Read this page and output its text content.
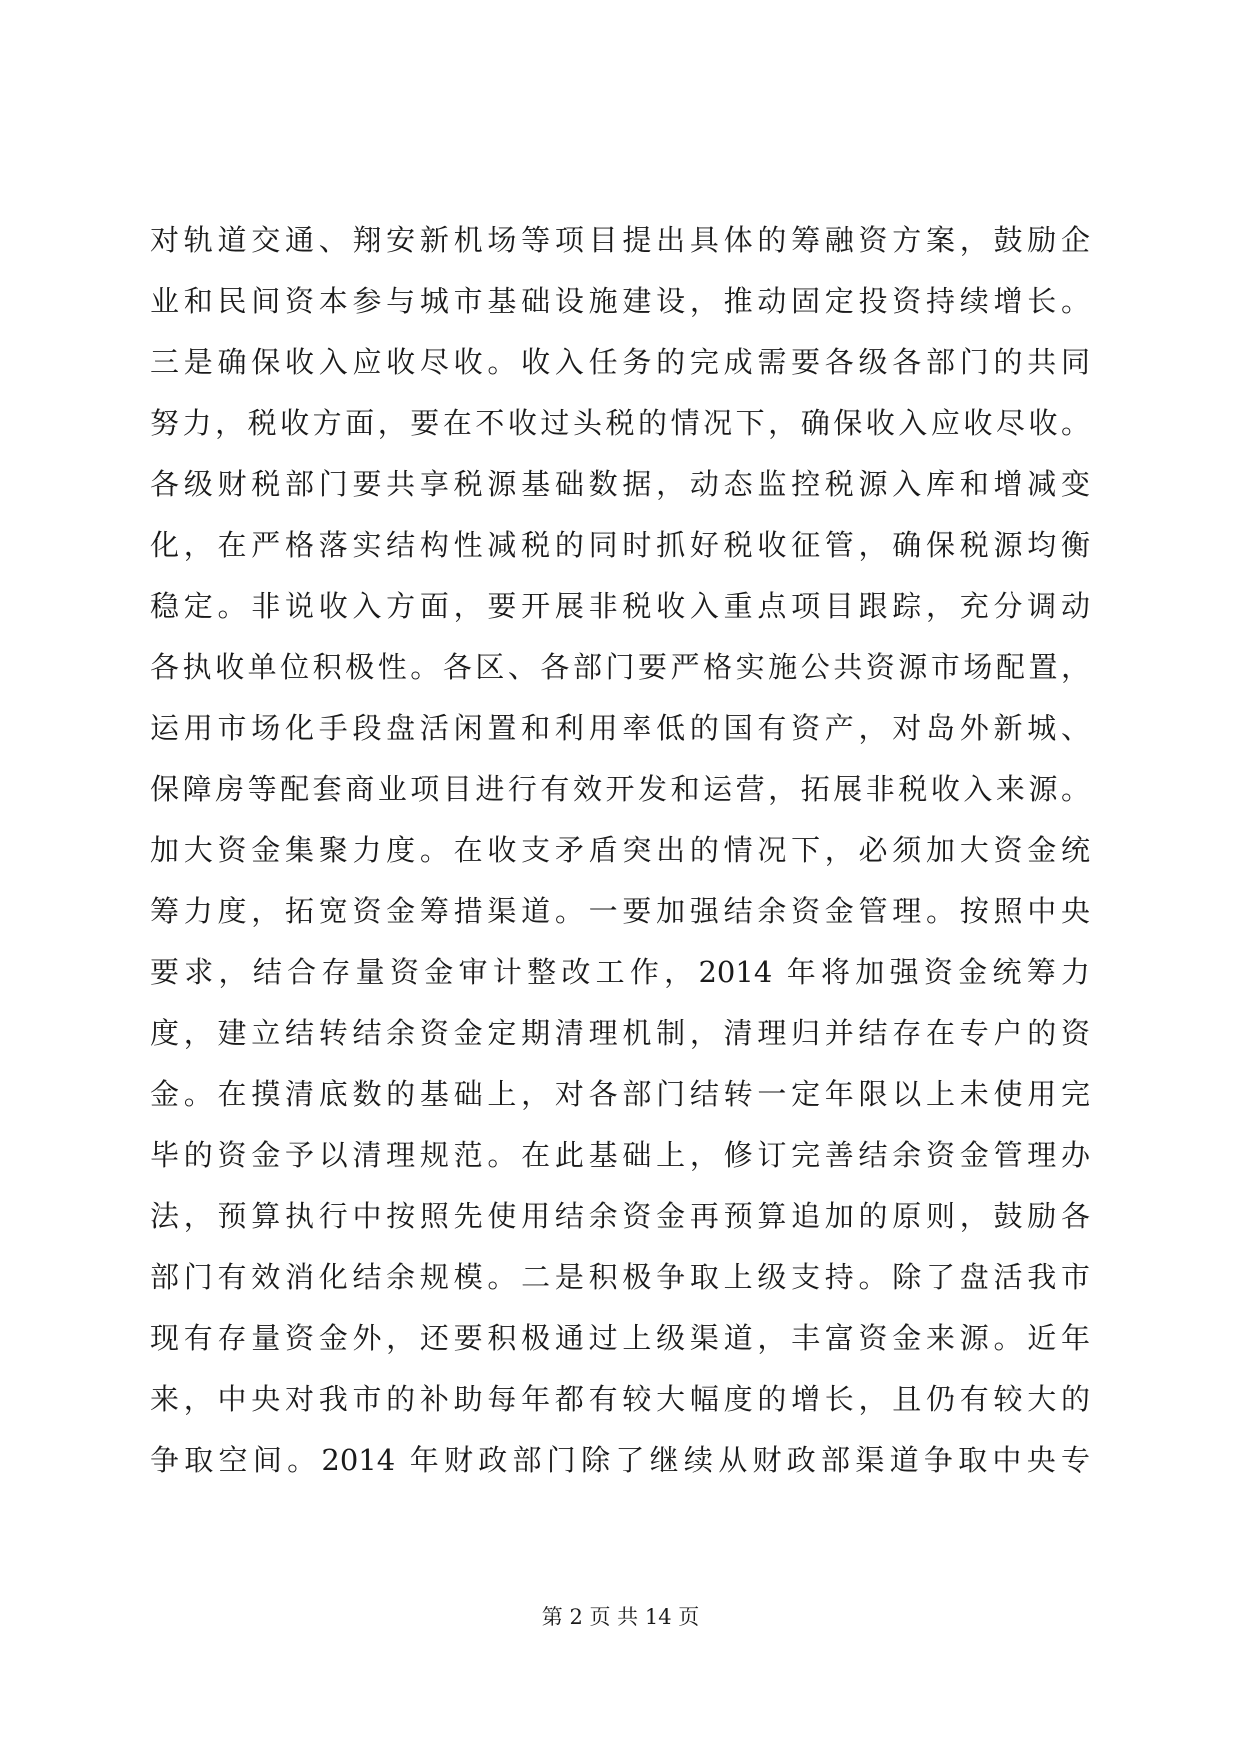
对轨道交通、翔安新机场等项目提出具体的筹融资方案，鼓励企
业和民间资本参与城市基础设施建设，推动固定投资持续增长。
三是确保收入应收尽收。收入任务的完成需要各级各部门的共同
努力，税收方面，要在不收过头税的情况下，确保收入应收尽收。
各级财税部门要共享税源基础数据，动态监控税源入库和增减变
化，在严格落实结构性减税的同时抓好税收征管，确保税源均衡
稳定。非说收入方面，要开展非税收入重点项目跟踪，充分调动
各执收单位积极性。各区、各部门要严格实施公共资源市场配置，
运用市场化手段盘活闲置和利用率低的国有资产，对岛外新城、
保障房等配套商业项目进行有效开发和运营，拓展非税收入来源。
加大资金集聚力度。在收支矛盾突出的情况下，必须加大资金统
筹力度，拓宽资金筹措渠道。一要加强结余资金管理。按照中央
要求，结合存量资金审计整改工作，2014 年将加强资金统筹力
度，建立结转结余资金定期清理机制，清理归并结存在专户的资
金。在摸清底数的基础上，对各部门结转一定年限以上未使用完
毕的资金予以清理规范。在此基础上，修订完善结余资金管理办
法，预算执行中按照先使用结余资金再预算追加的原则，鼓励各
部门有效消化结余规模。二是积极争取上级支持。除了盘活我市
现有存量资金外，还要积极通过上级渠道，丰富资金来源。近年
来，中央对我市的补助每年都有较大幅度的增长，且仍有较大的
争取空间。2014 年财政部门除了继续从财政部渠道争取中央专
第 2 页 共 14 页
